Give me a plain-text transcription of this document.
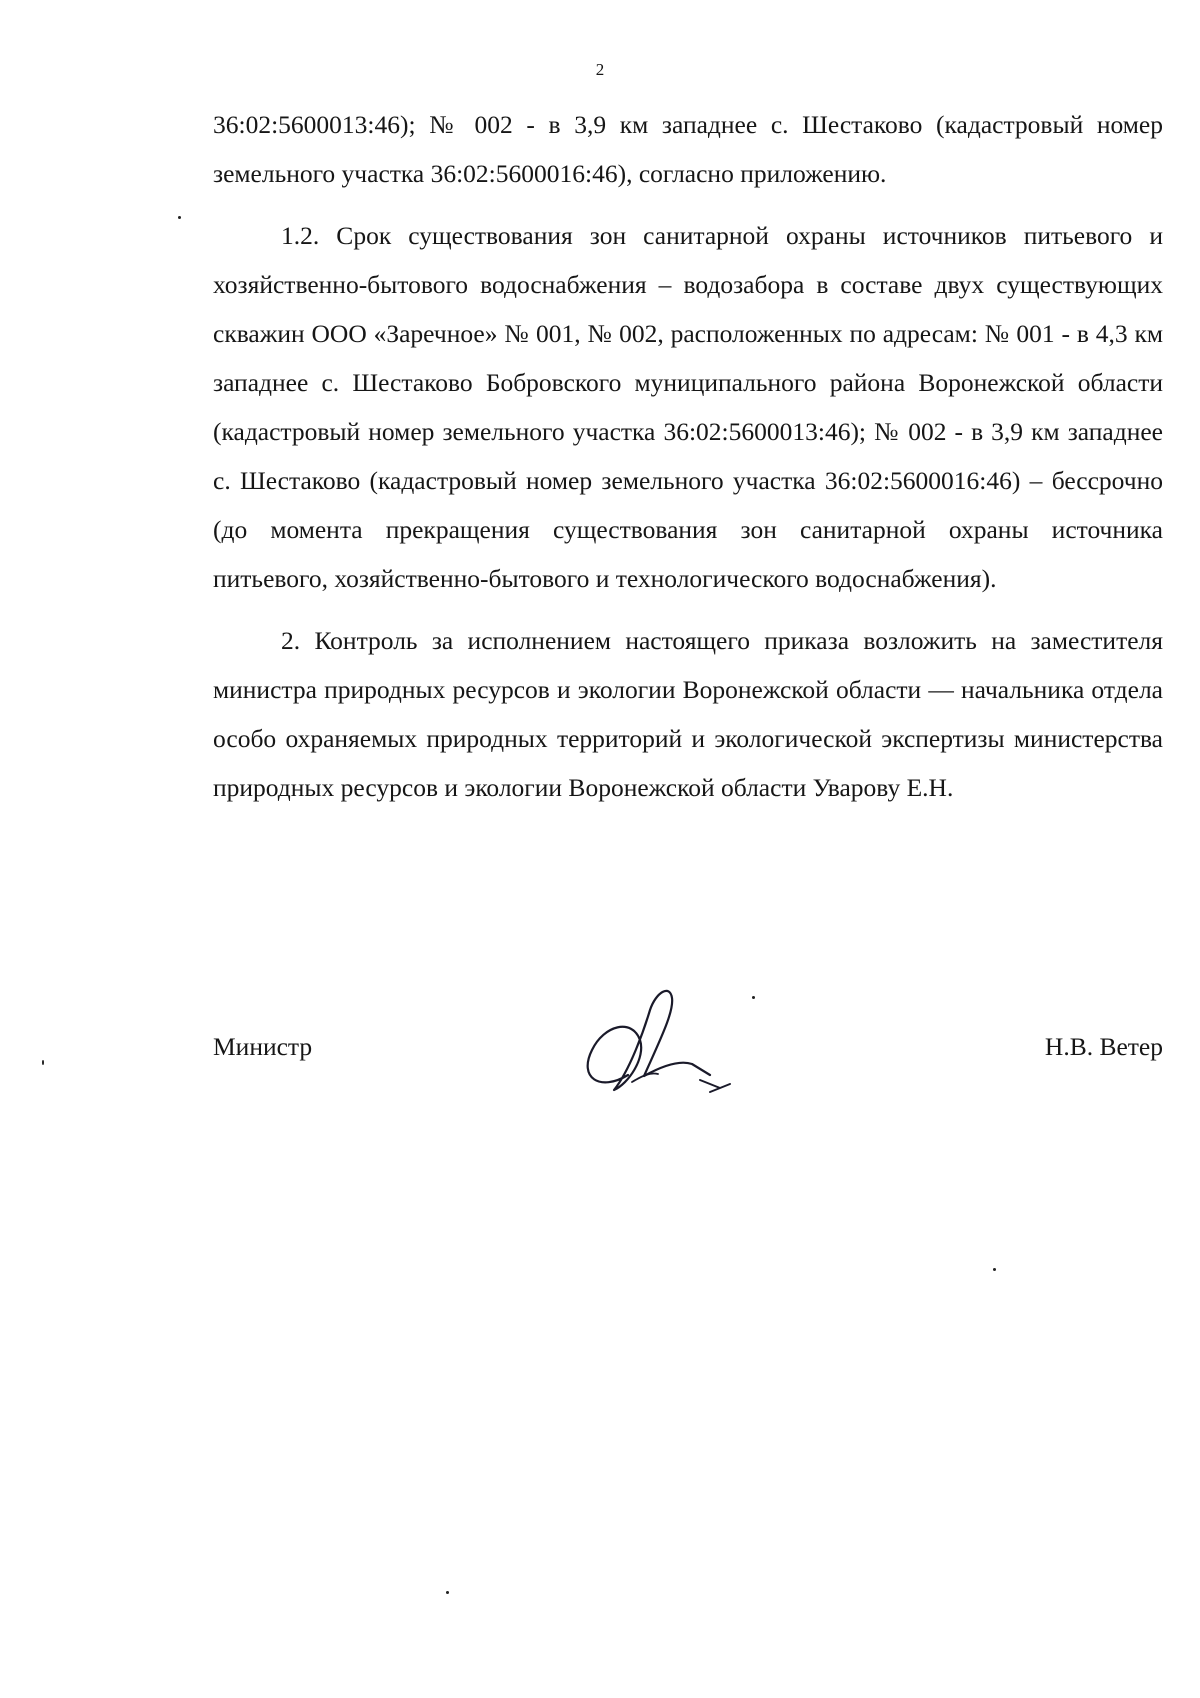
2

36:02:5600013:46); № 002 - в 3,9 км западнее с. Шестаково (кадастровый номер земельного участка 36:02:5600016:46), согласно приложению.

1.2. Срок существования зон санитарной охраны источников питьевого и хозяйственно-бытового водоснабжения – водозабора в составе двух существующих скважин ООО «Заречное» № 001, № 002, расположенных по адресам: № 001 - в 4,3 км западнее с. Шестаково Бобровского муниципального района Воронежской области (кадастровый номер земельного участка 36:02:5600013:46); № 002 - в 3,9 км западнее с. Шестаково (кадастровый номер земельного участка 36:02:5600016:46) – бессрочно (до момента прекращения существования зон санитарной охраны источника питьевого, хозяйственно-бытового и технологического водоснабжения).

2. Контроль за исполнением настоящего приказа возложить на заместителя министра природных ресурсов и экологии Воронежской области — начальника отдела особо охраняемых природных территорий и экологической экспертизы министерства природных ресурсов и экологии Воронежской области Уварову Е.Н.

Министр	Н.В. Ветер
